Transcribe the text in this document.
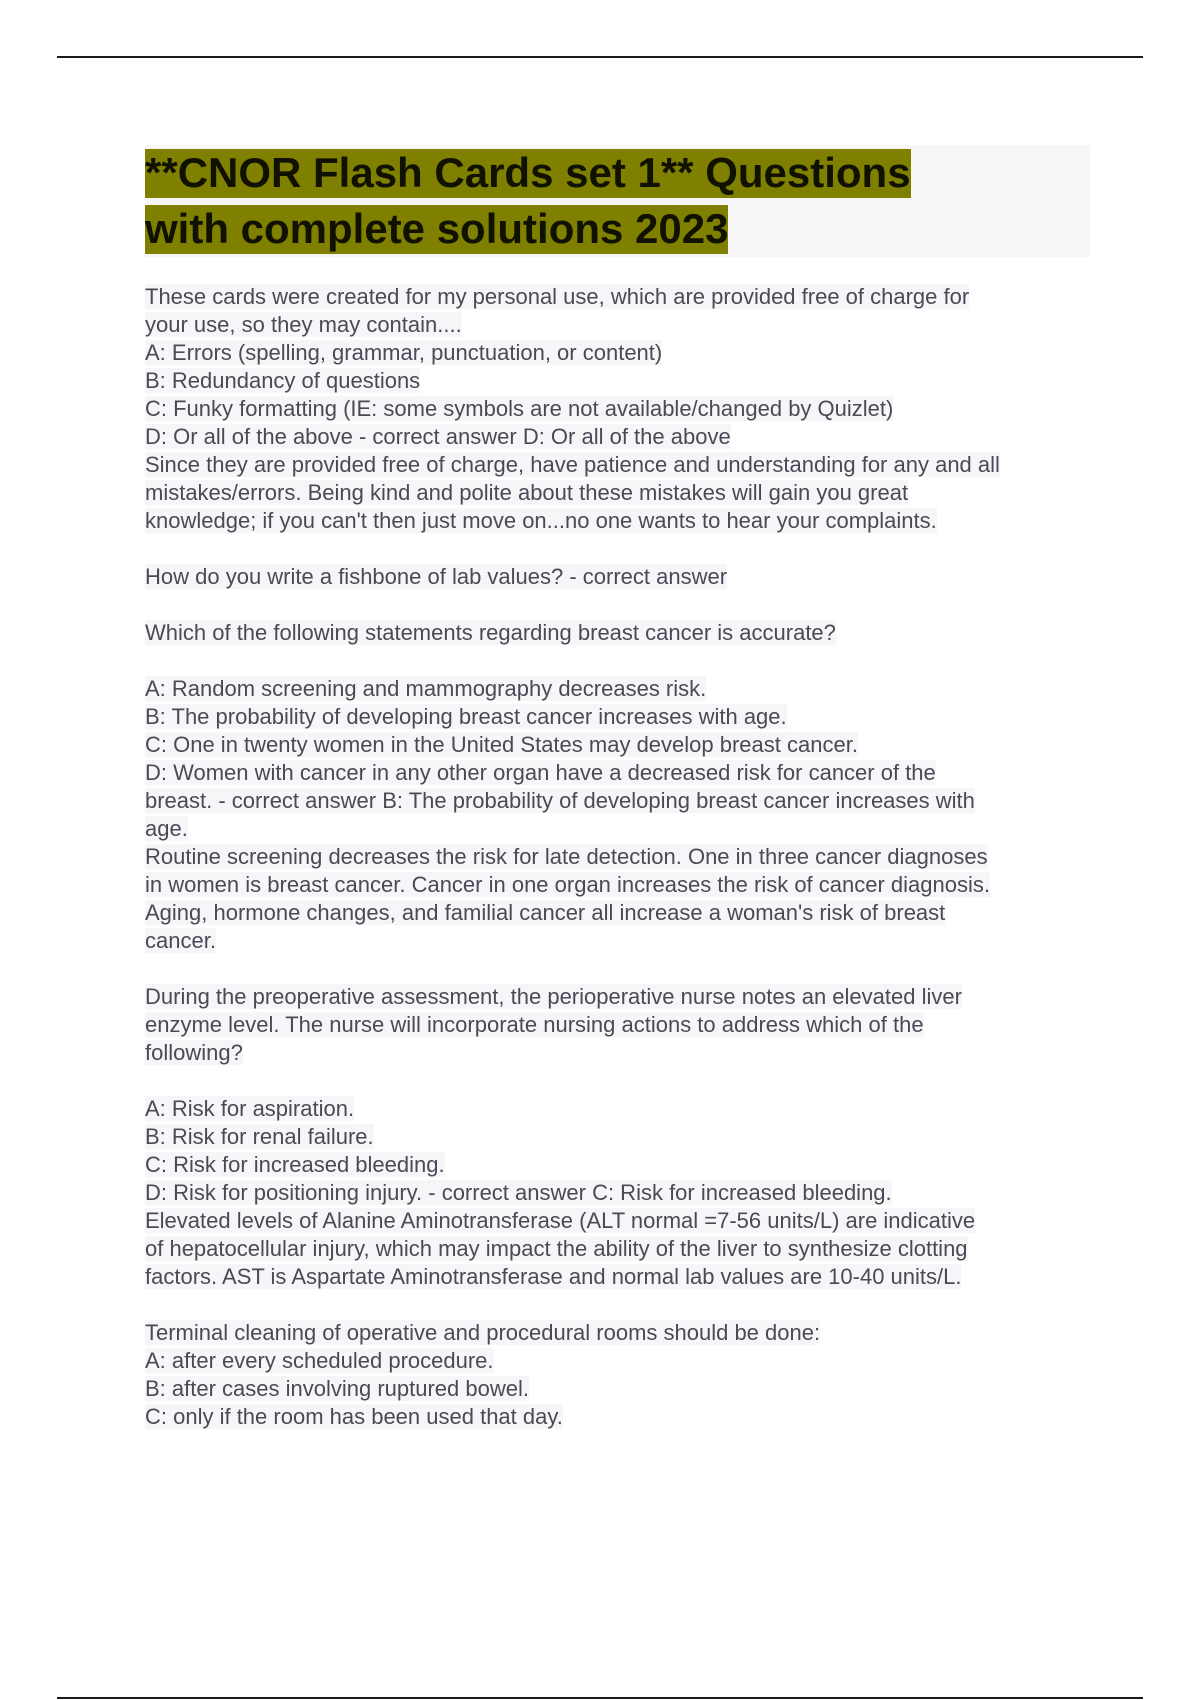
**CNOR Flash Cards set 1** Questions
with complete solutions 2023
These cards were created for my personal use, which are provided free of charge for
your use, so they may contain....
A: Errors (spelling, grammar, punctuation, or content)
B: Redundancy of questions
C: Funky formatting (IE: some symbols are not available/changed by Quizlet)
D: Or all of the above - correct answer D: Or all of the above
Since they are provided free of charge, have patience and understanding for any and all
mistakes/errors. Being kind and polite about these mistakes will gain you great
knowledge; if you can't then just move on...no one wants to hear your complaints.
How do you write a fishbone of lab values? - correct answer
Which of the following statements regarding breast cancer is accurate?
A: Random screening and mammography decreases risk.
B: The probability of developing breast cancer increases with age.
C: One in twenty women in the United States may develop breast cancer.
D: Women with cancer in any other organ have a decreased risk for cancer of the
breast. - correct answer B: The probability of developing breast cancer increases with
age.
Routine screening decreases the risk for late detection. One in three cancer diagnoses
in women is breast cancer. Cancer in one organ increases the risk of cancer diagnosis.
Aging, hormone changes, and familial cancer all increase a woman's risk of breast
cancer.
During the preoperative assessment, the perioperative nurse notes an elevated liver
enzyme level. The nurse will incorporate nursing actions to address which of the
following?
A: Risk for aspiration.
B: Risk for renal failure.
C: Risk for increased bleeding.
D: Risk for positioning injury. - correct answer C: Risk for increased bleeding.
Elevated levels of Alanine Aminotransferase (ALT normal =7-56 units/L) are indicative
of hepatocellular injury, which may impact the ability of the liver to synthesize clotting
factors. AST is Aspartate Aminotransferase and normal lab values are 10-40 units/L.
Terminal cleaning of operative and procedural rooms should be done:
A: after every scheduled procedure.
B: after cases involving ruptured bowel.
C: only if the room has been used that day.
